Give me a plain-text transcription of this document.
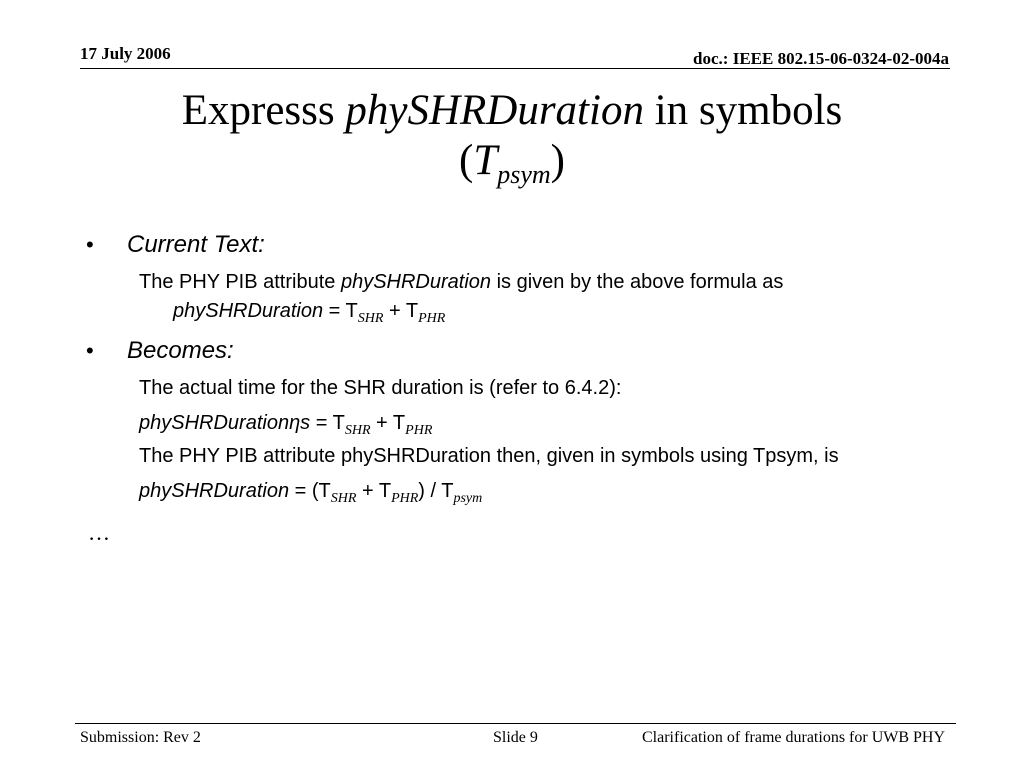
17 July 2006	doc.: IEEE 802.15-06-0324-02-004a
Expresss phySHRDuration in symbols
$(T_{psym})$
• Current Text:
The PHY PIB attribute phySHRDuration is given by the above formula as
phySHRDuration = $T_{SHR} + T_{PHR}$
• Becomes:
The actual time for the SHR duration is (refer to 6.4.2):
phySHRDurationηs = $T_{SHR} + T_{PHR}$
The PHY PIB attribute phySHRDuration then, given in symbols using Tpsym, is
phySHRDuration = $(T_{SHR} + T_{PHR}) / T_{psym}$
…
Submission: Rev 2	Slide 9	Clarification of frame durations for UWB PHY
